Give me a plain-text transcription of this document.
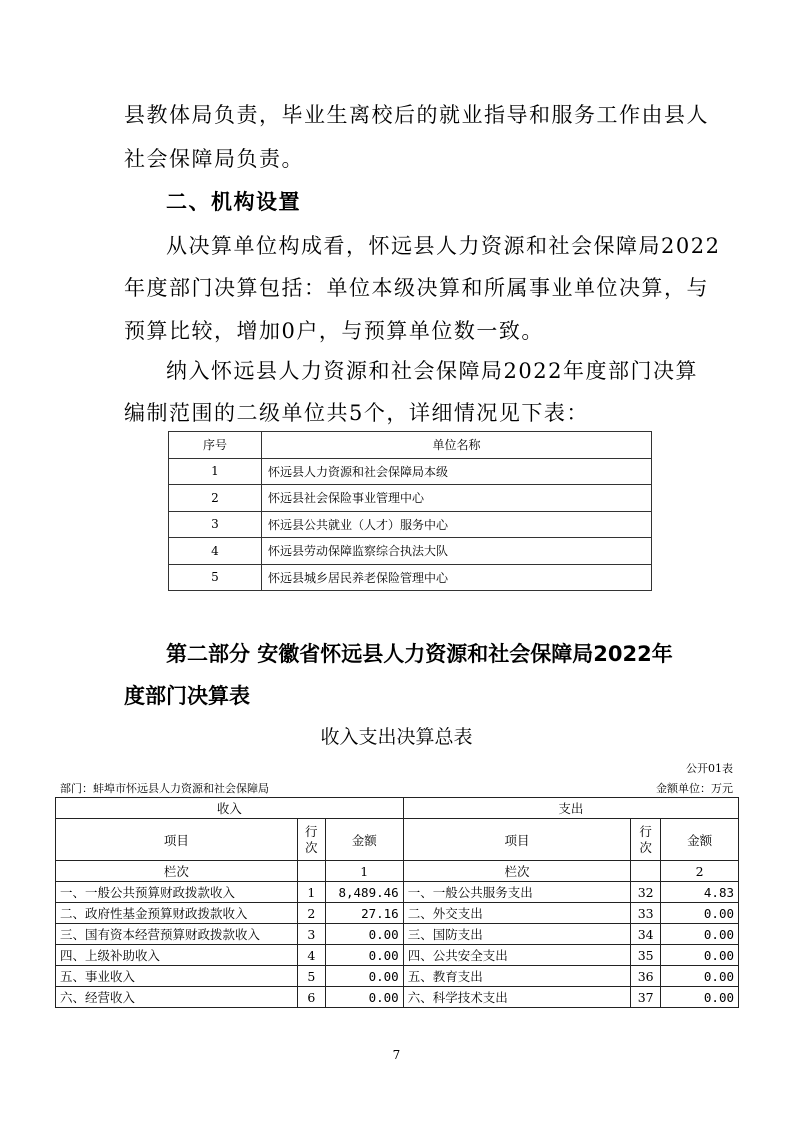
县教体局负责，毕业生离校后的就业指导和服务工作由县人

社会保障局负责。

二、机构设置

从决算单位构成看，怀远县人力资源和社会保障局2022

年度部门决算包括：单位本级决算和所属事业单位决算，与

预算比较，增加0户，与预算单位数一致。

纳入怀远县人力资源和社会保障局2022年度部门决算

编制范围的二级单位共5个，详细情况见下表：

序号	单位名称
1	怀远县人力资源和社会保障局本级
2	怀远县社会保险事业管理中心
3	怀远县公共就业（人才）服务中心
4	怀远县劳动保障监察综合执法大队
5	怀远县城乡居民养老保险管理中心

第二部分 安徽省怀远县人力资源和社会保障局2022年

度部门决算表

收入支出决算总表

公开01表

部门：蚌埠市怀远县人力资源和社会保障局	金额单位：万元

收入			支出		
项目	行次	金额	项目	行次	金额
栏次		1	栏次		2
一、一般公共预算财政拨款收入	1	8,489.46	一、一般公共服务支出	32	4.83
二、政府性基金预算财政拨款收入	2	27.16	二、外交支出	33	0.00
三、国有资本经营预算财政拨款收入	3	0.00	三、国防支出	34	0.00
四、上级补助收入	4	0.00	四、公共安全支出	35	0.00
五、事业收入	5	0.00	五、教育支出	36	0.00
六、经营收入	6	0.00	六、科学技术支出	37	0.00

7
